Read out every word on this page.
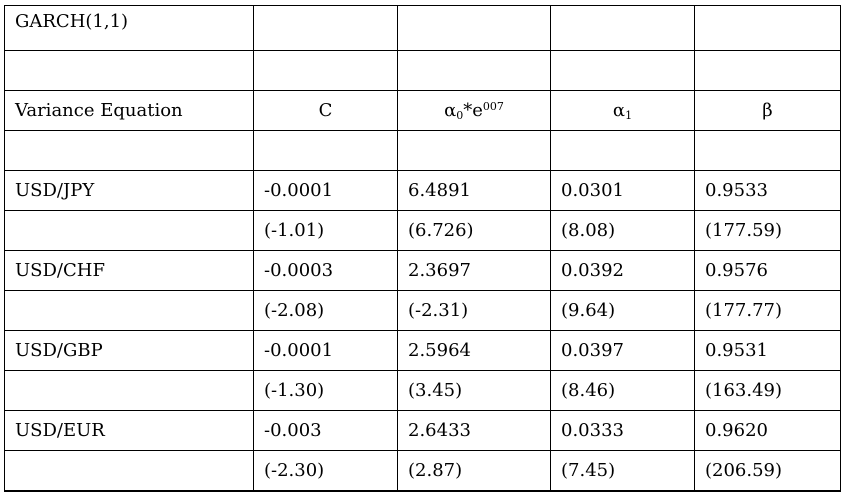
GARCH(1,1)				

Variance Equation	C	$\alpha_0*e^{007}$	$\alpha_1$	β

USD/JPY	-0.0001	6.4891	0.0301	0.9533
	(-1.01)	(6.726)	(8.08)	(177.59)
USD/CHF	-0.0003	2.3697	0.0392	0.9576
	(-2.08)	(-2.31)	(9.64)	(177.77)
USD/GBP	-0.0001	2.5964	0.0397	0.9531
	(-1.30)	(3.45)	(8.46)	(163.49)
USD/EUR	-0.003	2.6433	0.0333	0.9620
	(-2.30)	(2.87)	(7.45)	(206.59)
